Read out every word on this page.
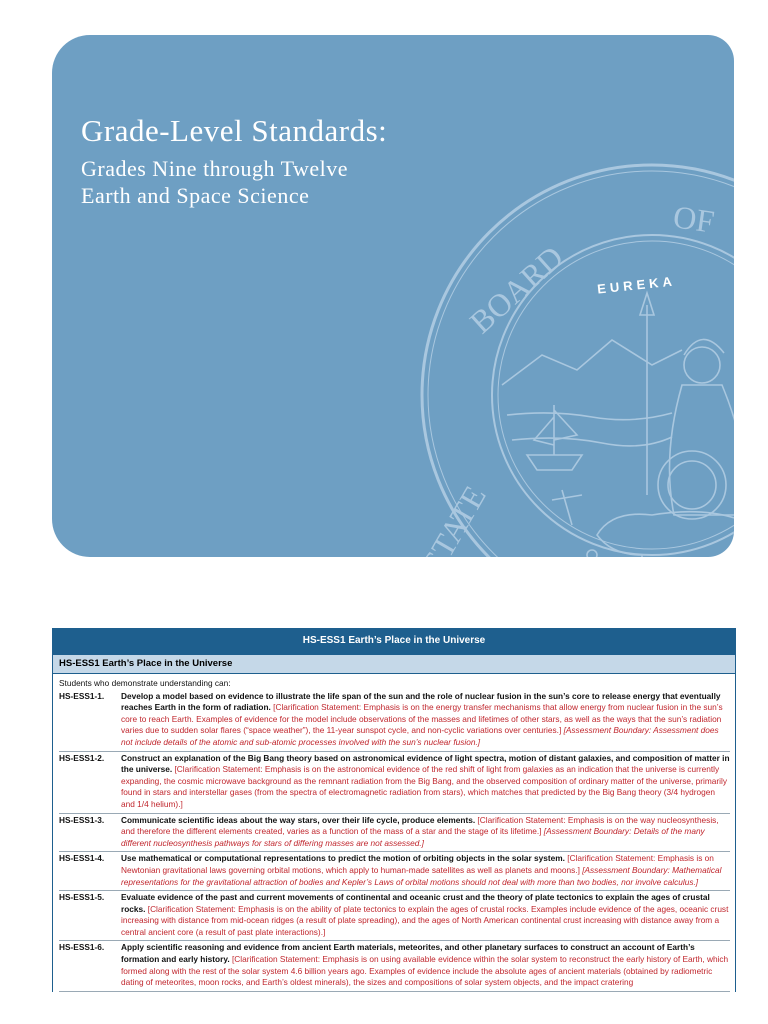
STATE
BOARD
OF
EUREKA
Grade-Level Standards:
Grades Nine through Twelve
Earth and Space Science
HS-ESS1 Earth’s Place in the Universe
HS-ESS1 Earth’s Place in the Universe
Students who demonstrate understanding can:
HS-ESS1-1.	Develop a model based on evidence to illustrate the life span of the sun and the role of nuclear fusion in the sun’s core to release energy that eventually reaches Earth in the form of radiation. [Clarification Statement: Emphasis is on the energy transfer mechanisms that allow energy from nuclear fusion in the sun’s core to reach Earth. Examples of evidence for the model include observations of the masses and lifetimes of other stars, as well as the ways that the sun’s radiation varies due to sudden solar flares (“space weather”), the 11-year sunspot cycle, and non-cyclic variations over centuries.] [Assessment Boundary: Assessment does not include details of the atomic and sub-atomic processes involved with the sun’s nuclear fusion.]
HS-ESS1-2.	Construct an explanation of the Big Bang theory based on astronomical evidence of light spectra, motion of distant galaxies, and composition of matter in the universe. [Clarification Statement: Emphasis is on the astronomical evidence of the red shift of light from galaxies as an indication that the universe is currently expanding, the cosmic microwave background as the remnant radiation from the Big Bang, and the observed composition of ordinary matter of the universe, primarily found in stars and interstellar gases (from the spectra of electromagnetic radiation from stars), which matches that predicted by the Big Bang theory (3/4 hydrogen and 1/4 helium).]
HS-ESS1-3.	Communicate scientific ideas about the way stars, over their life cycle, produce elements. [Clarification Statement: Emphasis is on the way nucleosynthesis, and therefore the different elements created, varies as a function of the mass of a star and the stage of its lifetime.] [Assessment Boundary: Details of the many different nucleosynthesis pathways for stars of differing masses are not assessed.]
HS-ESS1-4.	Use mathematical or computational representations to predict the motion of orbiting objects in the solar system. [Clarification Statement: Emphasis is on Newtonian gravitational laws governing orbital motions, which apply to human-made satellites as well as planets and moons.] [Assessment Boundary: Mathematical representations for the gravitational attraction of bodies and Kepler’s Laws of orbital motions should not deal with more than two bodies, nor involve calculus.]
HS-ESS1-5.	Evaluate evidence of the past and current movements of continental and oceanic crust and the theory of plate tectonics to explain the ages of crustal rocks. [Clarification Statement: Emphasis is on the ability of plate tectonics to explain the ages of crustal rocks. Examples include evidence of the ages, oceanic crust increasing with distance from mid-ocean ridges (a result of plate spreading), and the ages of North American continental crust increasing with distance away from a central ancient core (a result of past plate interactions).]
HS-ESS1-6.	Apply scientific reasoning and evidence from ancient Earth materials, meteorites, and other planetary surfaces to construct an account of Earth’s formation and early history. [Clarification Statement: Emphasis is on using available evidence within the solar system to reconstruct the early history of Earth, which formed along with the rest of the solar system 4.6 billion years ago. Examples of evidence include the absolute ages of ancient materials (obtained by radiometric dating of meteorites, moon rocks, and Earth’s oldest minerals), the sizes and compositions of solar system objects, and the impact cratering
